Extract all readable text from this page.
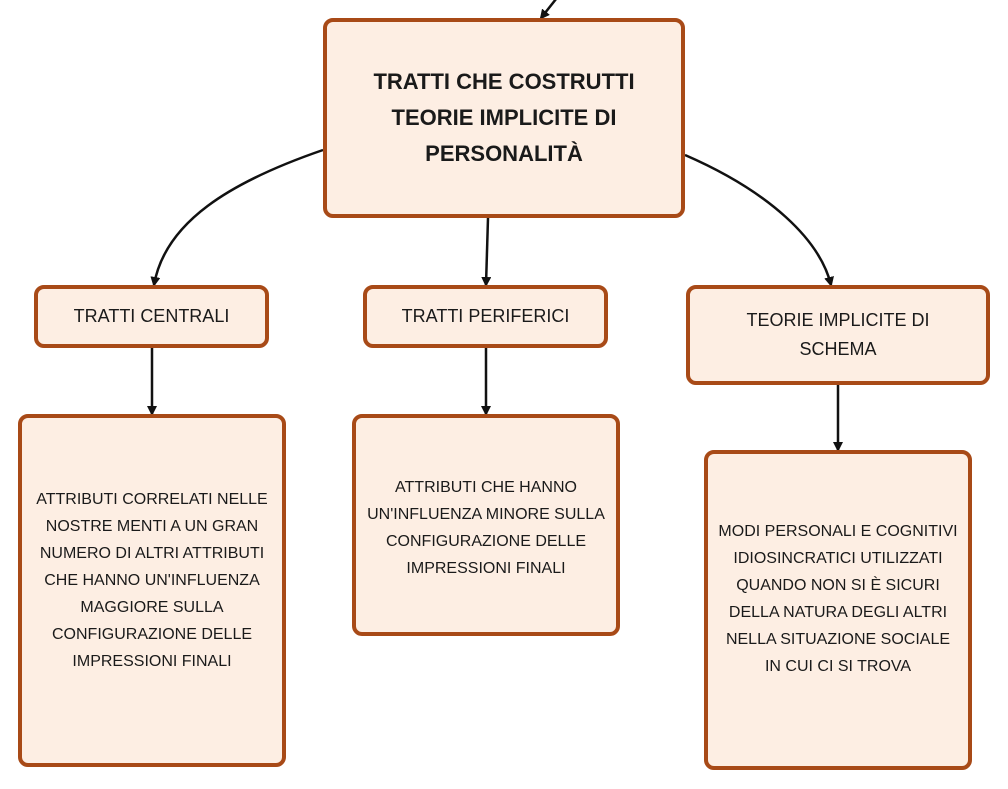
TRATTI CHE COSTRUTTI TEORIE IMPLICITE DI PERSONALITÀ
TRATTI CENTRALI	TRATTI PERIFERICI	TEORIE IMPLICITE DI SCHEMA
ATTRIBUTI CORRELATI NELLE NOSTRE MENTI A UN GRAN NUMERO DI ALTRI ATTRIBUTI CHE HANNO UN'INFLUENZA MAGGIORE SULLA CONFIGURAZIONE DELLE IMPRESSIONI FINALI
ATTRIBUTI CHE HANNO UN'INFLUENZA MINORE SULLA CONFIGURAZIONE DELLE IMPRESSIONI FINALI
MODI PERSONALI E COGNITIVI IDIOSINCRATICI UTILIZZATI QUANDO NON SI È SICURI DELLA NATURA DEGLI ALTRI NELLA SITUAZIONE SOCIALE IN CUI CI SI TROVA
